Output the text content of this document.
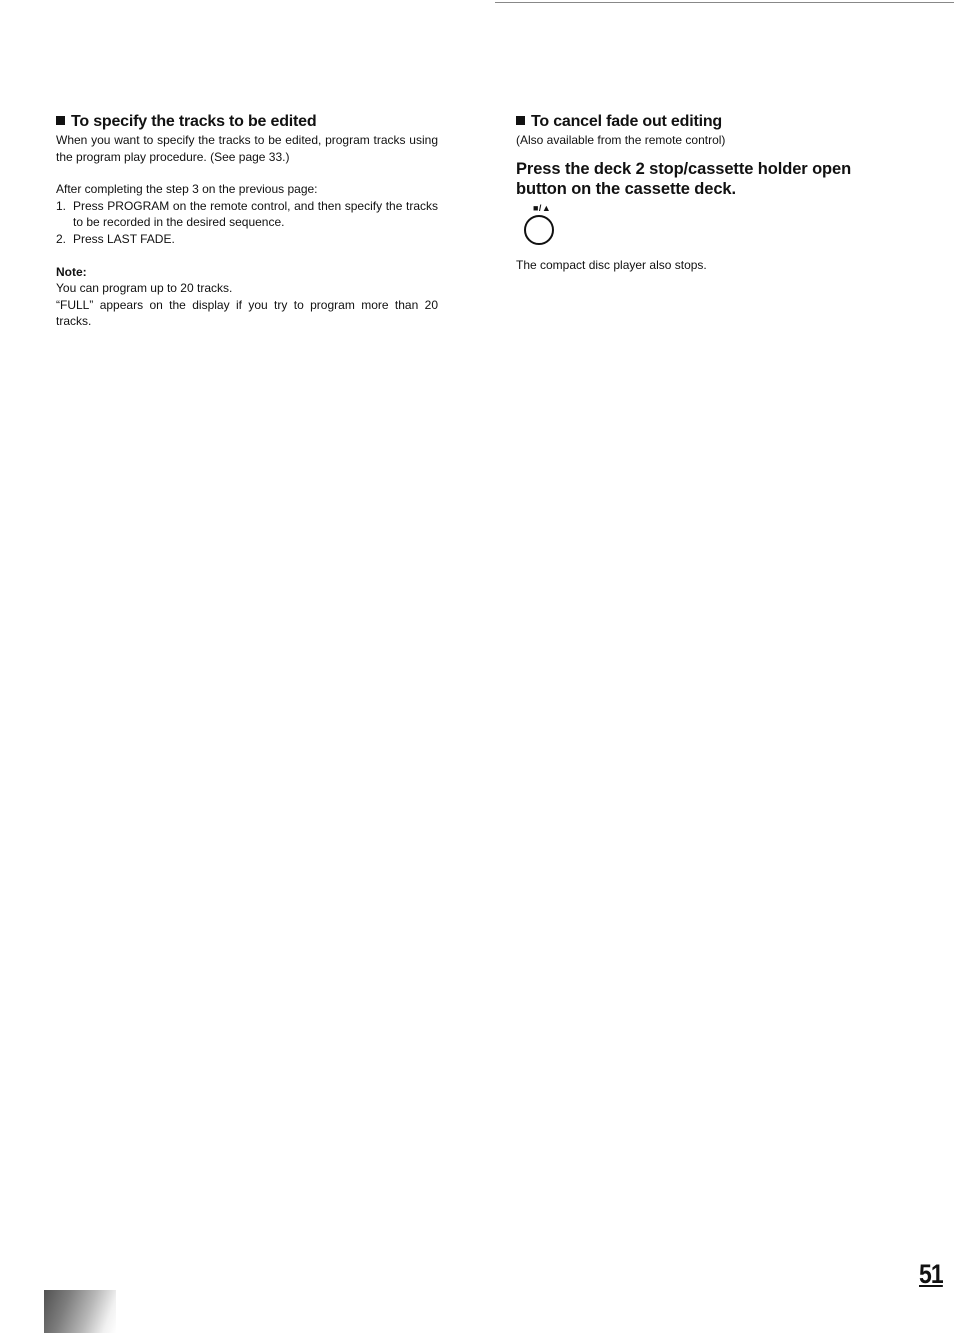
To specify the tracks to be edited

When you want to specify the tracks to be edited, program tracks using the program play procedure. (See page 33.)

After completing the step 3 on the previous page:

1. Press PROGRAM on the remote control, and then specify the tracks to be recorded in the desired sequence.
2. Press LAST FADE.

Note:

You can program up to 20 tracks.

“FULL” appears on the display if you try to program more than 20 tracks.

To cancel fade out editing

(Also available from the remote control)

Press the deck 2 stop/cassette holder open button on the cassette deck.

■/▲

The compact disc player also stops.

51
